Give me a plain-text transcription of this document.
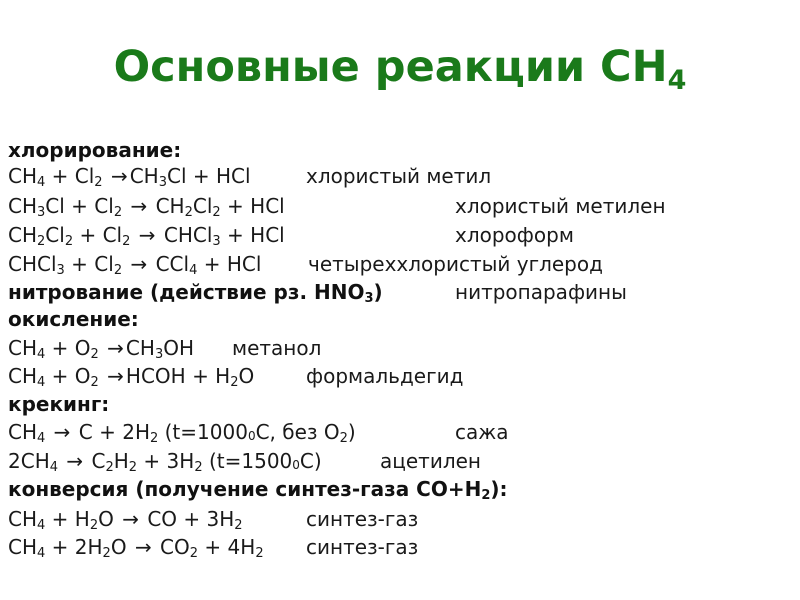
Основные реакции $CH_4$
хлорирование:
$CH_4 + Cl_2 \to CH_3Cl$ + HCl	хлористый метил
$CH_3Cl + Cl_2 \to CH_2Cl_2$ + HCl	хлористый метилен
$CH_2Cl_2 + Cl_2$ → CHCl$_3$ + HCl	хлороформ
CHCl$_3$ + $Cl_2 \to CCl_4$ + HCl четыреххлористый углерод
нитрование (действие рз. $HNO_3$)	нитропарафины
окисление:
$CH_4 + O_2 \to CH_3OH$ метанол
$CH_4 + O_2$ → HCOH + $H_2O$	формальдегид
крекинг:
$CH_4 \to C + 2H_2$ ($t=1000^0C$, без $O_2$)	сажа
$2CH_4 \to C_2H_2 + 3H_2$ $(t=1500^0C)$	ацетилен
конверсия (получение синтез-газа $CO+H_2$):
$CH_4 + H_2O$ → CO + $3H_2$	синтез-газ
$CH_4 + 2H_2O \to CO_2 + 4H_2$ синтез-газ
